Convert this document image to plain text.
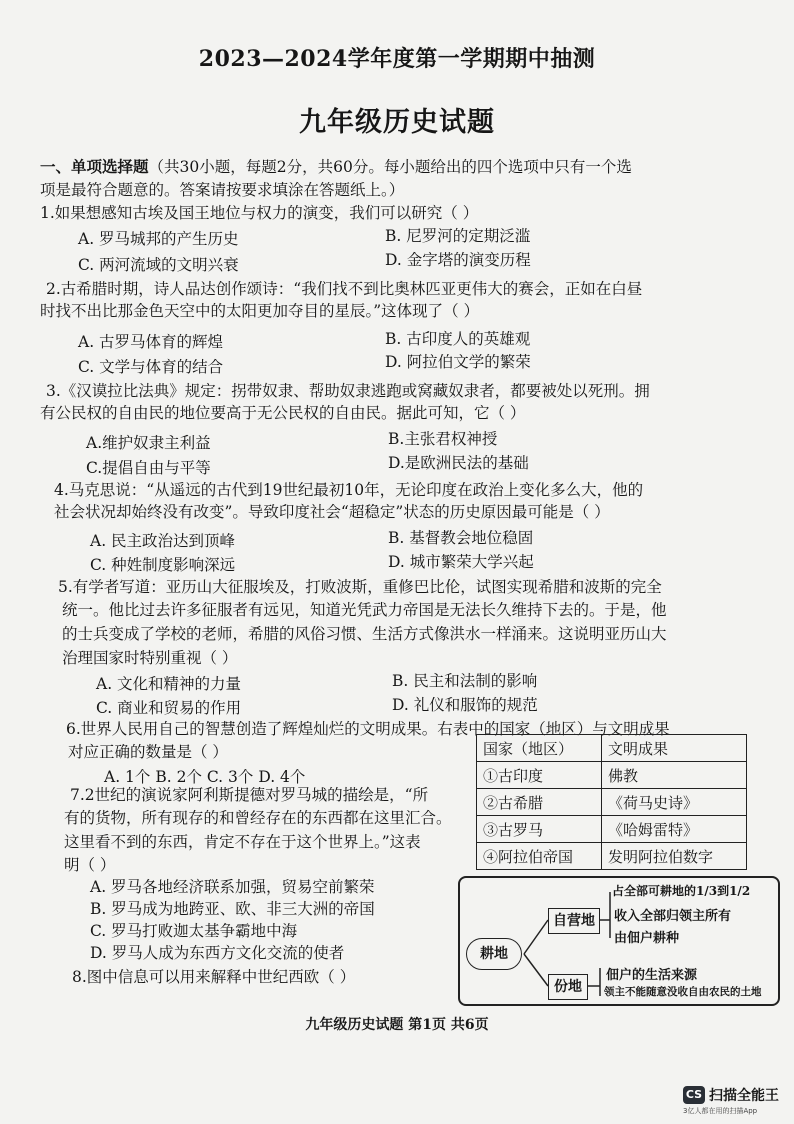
2023—2024学年度第一学期期中抽测
九年级历史试题
一、单项选择题（共30小题，每题2分，共60分。每小题给出的四个选项中只有一个选
项是最符合题意的。答案请按要求填涂在答题纸上。）
1.如果想感知古埃及国王地位与权力的演变，我们可以研究（ ）
A. 罗马城邦的产生历史	B. 尼罗河的定期泛滥
C. 两河流域的文明兴衰	D. 金字塔的演变历程
2.古希腊时期，诗人品达创作颂诗：“我们找不到比奥林匹亚更伟大的赛会，正如在白昼
时找不出比那金色天空中的太阳更加夺目的星辰。”这体现了（ ）
A. 古罗马体育的辉煌	B. 古印度人的英雄观
C. 文学与体育的结合	D. 阿拉伯文学的繁荣
3.《汉谟拉比法典》规定：拐带奴隶、帮助奴隶逃跑或窝藏奴隶者，都要被处以死刑。拥
有公民权的自由民的地位要高于无公民权的自由民。据此可知，它（ ）
A.维护奴隶主利益	B.主张君权神授
C.提倡自由与平等	D.是欧洲民法的基础
4.马克思说：“从遥远的古代到19世纪最初10年，无论印度在政治上变化多么大，他的
社会状况却始终没有改变”。导致印度社会“超稳定”状态的历史原因最可能是（ ）
A. 民主政治达到顶峰	B. 基督教会地位稳固
C. 种姓制度影响深远	D. 城市繁荣大学兴起
5.有学者写道：亚历山大征服埃及，打败波斯，重修巴比伦，试图实现希腊和波斯的完全
统一。他比过去许多征服者有远见，知道光凭武力帝国是无法长久维持下去的。于是，他
的士兵变成了学校的老师，希腊的风俗习惯、生活方式像洪水一样涌来。这说明亚历山大
治理国家时特别重视（ ）
A. 文化和精神的力量	B. 民主和法制的影响
C. 商业和贸易的作用	D. 礼仪和服饰的规范
6.世界人民用自己的智慧创造了辉煌灿烂的文明成果。右表中的国家（地区）与文明成果
对应正确的数量是（ ）
A. 1个 B. 2个 C. 3个 D. 4个
国家（地区）	文明成果
①古印度	佛教
②古希腊	《荷马史诗》
③古罗马	《哈姆雷特》
④阿拉伯帝国	发明阿拉伯数字
7.2世纪的演说家阿利斯提德对罗马城的描绘是，“所
有的货物，所有现存的和曾经存在的东西都在这里汇合。
这里看不到的东西，肯定不存在于这个世界上。”这表
明（ ）
A. 罗马各地经济联系加强，贸易空前繁荣
B. 罗马成为地跨亚、欧、非三大洲的帝国
C. 罗马打败迦太基争霸地中海
D. 罗马人成为东西方文化交流的使者
8.图中信息可以用来解释中世纪西欧（ ）
耕地
自营地
份地
占全部可耕地的1/3到1/2
收入全部归领主所有
由佃户耕种
佃户的生活来源
领主不能随意没收自由农民的土地
九年级历史试题 第1页 共6页
CS 扫描全能王
3亿人都在用的扫描App
